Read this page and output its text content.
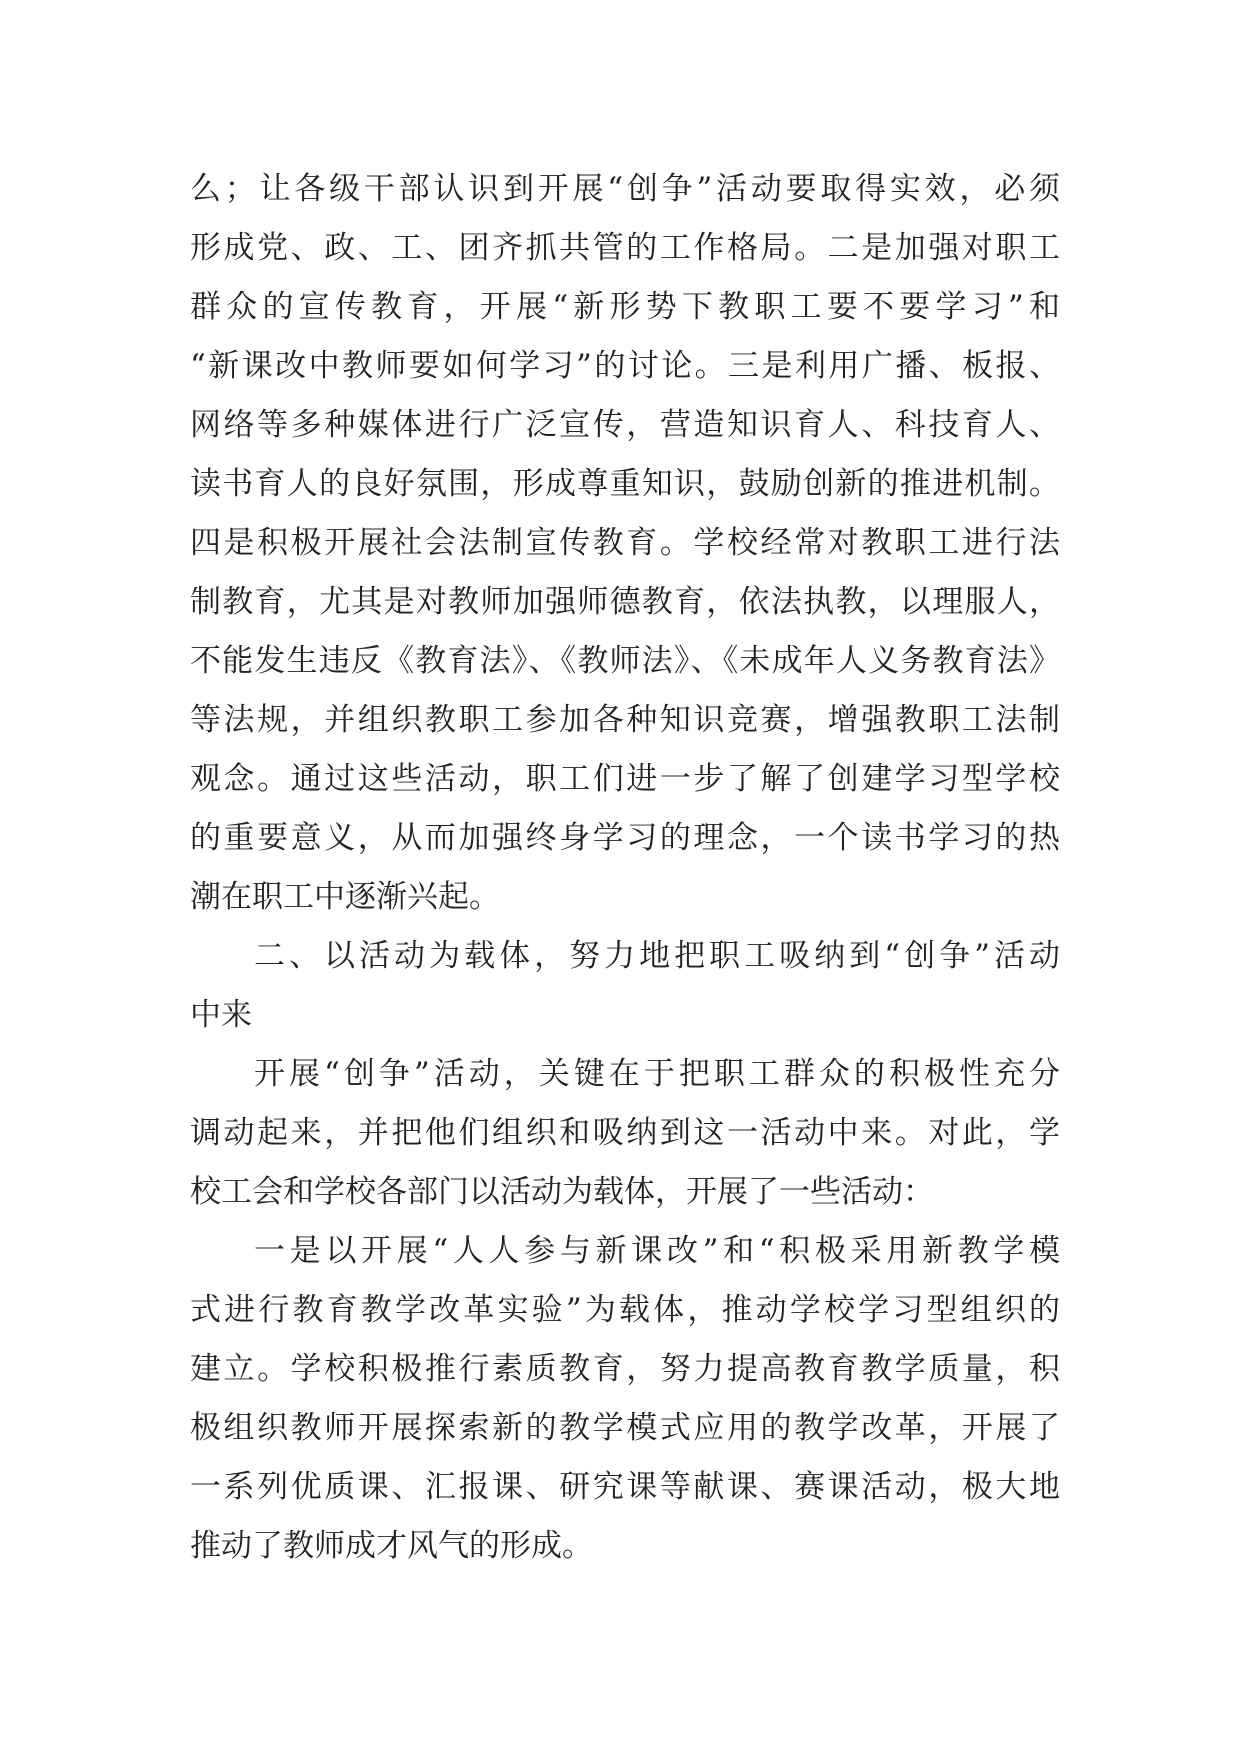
么；让各级干部认识到开展“创争”活动要取得实效，必须
形成党、政、工、团齐抓共管的工作格局。二是加强对职工
群众的宣传教育，开展“新形势下教职工要不要学习”和
“新课改中教师要如何学习”的讨论。三是利用广播、板报、
网络等多种媒体进行广泛宣传，营造知识育人、科技育人、
读书育人的良好氛围，形成尊重知识，鼓励创新的推进机制。
四是积极开展社会法制宣传教育。学校经常对教职工进行法
制教育，尤其是对教师加强师德教育，依法执教，以理服人，
不能发生违反《教育法》、《教师法》、《未成年人义务教育法》
等法规，并组织教职工参加各种知识竞赛，增强教职工法制
观念。通过这些活动，职工们进一步了解了创建学习型学校
的重要意义，从而加强终身学习的理念，一个读书学习的热
潮在职工中逐渐兴起。
二、以活动为载体，努力地把职工吸纳到“创争”活动
中来
开展“创争”活动，关键在于把职工群众的积极性充分
调动起来，并把他们组织和吸纳到这一活动中来。对此，学
校工会和学校各部门以活动为载体，开展了一些活动：
一是以开展“人人参与新课改”和“积极采用新教学模
式进行教育教学改革实验”为载体，推动学校学习型组织的
建立。学校积极推行素质教育，努力提高教育教学质量，积
极组织教师开展探索新的教学模式应用的教学改革，开展了
一系列优质课、汇报课、研究课等献课、赛课活动，极大地
推动了教师成才风气的形成。
